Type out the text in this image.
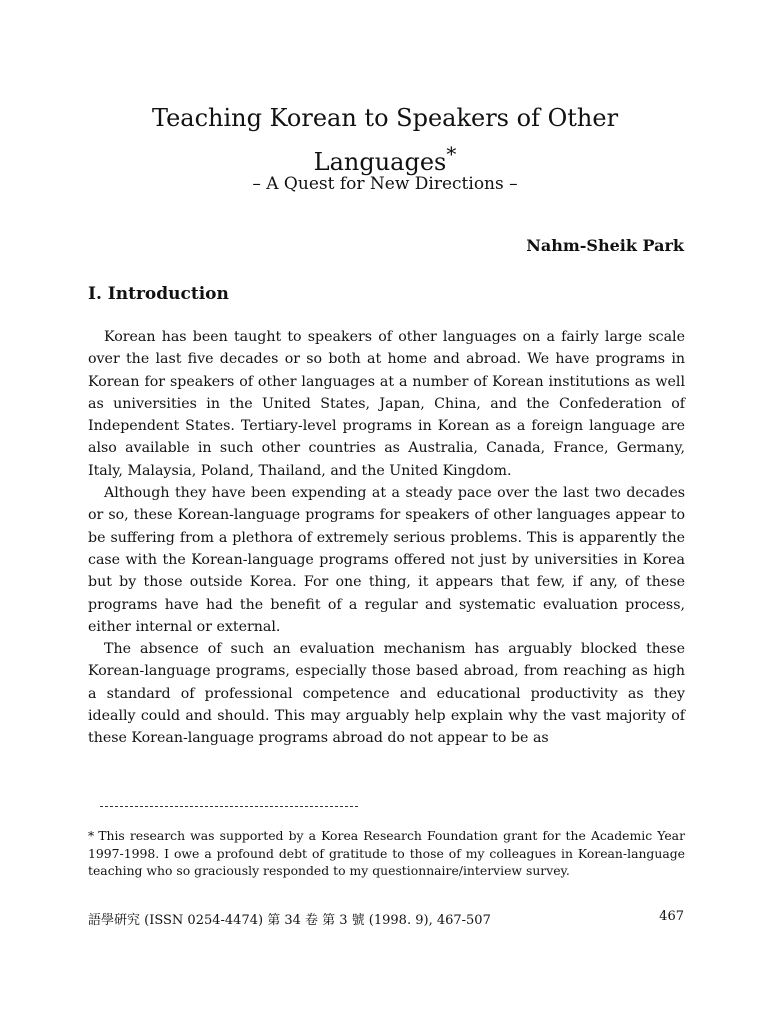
Teaching Korean to Speakers of Other Languages*
– A Quest for New Directions –
Nahm-Sheik Park
I. Introduction

Korean has been taught to speakers of other languages on a fairly large scale over the last five decades or so both at home and abroad. We have programs in Korean for speakers of other languages at a number of Korean institutions as well as universities in the United States, Japan, China, and the Confederation of Independent States. Tertiary-level programs in Korean as a foreign language are also available in such other countries as Australia, Canada, France, Germany, Italy, Malaysia, Poland, Thailand, and the United Kingdom.

Although they have been expending at a steady pace over the last two decades or so, these Korean-language programs for speakers of other languages appear to be suffering from a plethora of extremely serious problems. This is apparently the case with the Korean-language programs offered not just by universities in Korea but by those outside Korea. For one thing, it appears that few, if any, of these programs have had the benefit of a regular and systematic evaluation process, either internal or external.

The absence of such an evaluation mechanism has arguably blocked these Korean-language programs, especially those based abroad, from reaching as high a standard of professional competence and educational productivity as they ideally could and should. This may arguably help explain why the vast majority of these Korean-language programs abroad do not appear to be as

* This research was supported by a Korea Research Foundation grant for the Academic Year 1997-1998. I owe a profound debt of gratitude to those of my colleagues in Korean-language teaching who so graciously responded to my questionnaire/interview survey.

語學硏究 (ISSN 0254-4474) 第 34 卷 第 3 號 (1998. 9), 467-507	467
